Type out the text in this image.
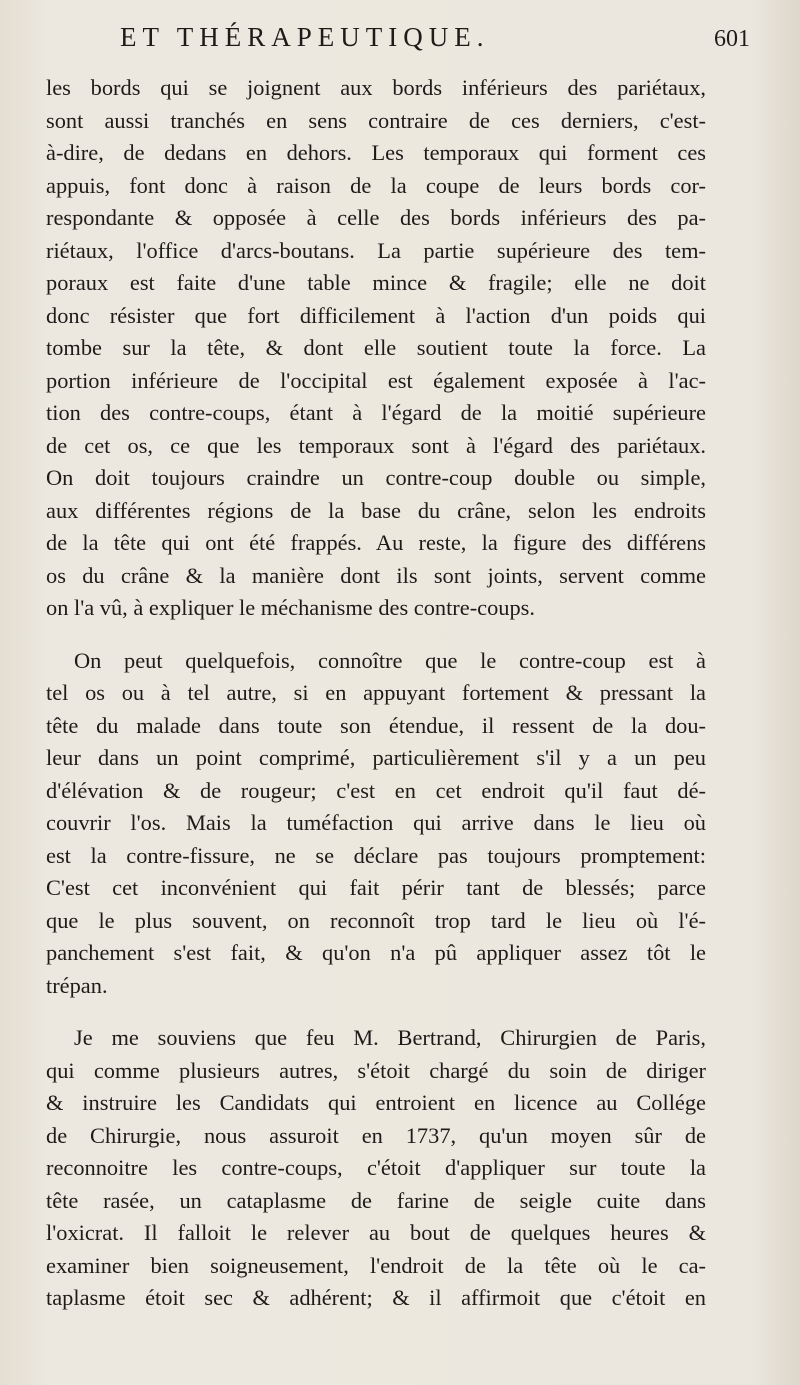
ET THÉRAPEUTIQUE.	601
les bords qui se joignent aux bords inférieurs des pariétaux,
sont aussi tranchés en sens contraire de ces derniers, c'est-
à-dire, de dedans en dehors. Les temporaux qui forment ces
appuis, font donc à raison de la coupe de leurs bords cor-
respondante & opposée à celle des bords inférieurs des pa-
riétaux, l'office d'arcs-boutans. La partie supérieure des tem-
poraux est faite d'une table mince & fragile; elle ne doit
donc résister que fort difficilement à l'action d'un poids qui
tombe sur la tête, & dont elle soutient toute la force. La
portion inférieure de l'occipital est également exposée à l'ac-
tion des contre-coups, étant à l'égard de la moitié supérieure
de cet os, ce que les temporaux sont à l'égard des pariétaux.
On doit toujours craindre un contre-coup double ou simple,
aux différentes régions de la base du crâne, selon les endroits
de la tête qui ont été frappés. Au reste, la figure des différens
os du crâne & la manière dont ils sont joints, servent comme
on l'a vû, à expliquer le méchanisme des contre-coups.
On peut quelquefois, connoître que le contre-coup est à
tel os ou à tel autre, si en appuyant fortement & pressant la
tête du malade dans toute son étendue, il ressent de la dou-
leur dans un point comprimé, particulièrement s'il y a un peu
d'élévation & de rougeur; c'est en cet endroit qu'il faut dé-
couvrir l'os. Mais la tuméfaction qui arrive dans le lieu où
est la contre-fissure, ne se déclare pas toujours promptement:
C'est cet inconvénient qui fait périr tant de blessés; parce
que le plus souvent, on reconnoît trop tard le lieu où l'é-
panchement s'est fait, & qu'on n'a pû appliquer assez tôt le
trépan.
Je me souviens que feu M. Bertrand, Chirurgien de Paris,
qui comme plusieurs autres, s'étoit chargé du soin de diriger
& instruire les Candidats qui entroient en licence au Collége
de Chirurgie, nous assuroit en 1737, qu'un moyen sûr de
reconnoitre les contre-coups, c'étoit d'appliquer sur toute la
tête rasée, un cataplasme de farine de seigle cuite dans
l'oxicrat. Il falloit le relever au bout de quelques heures &
examiner bien soigneusement, l'endroit de la tête où le ca-
taplasme étoit sec & adhérent; & il affirmoit que c'étoit en
